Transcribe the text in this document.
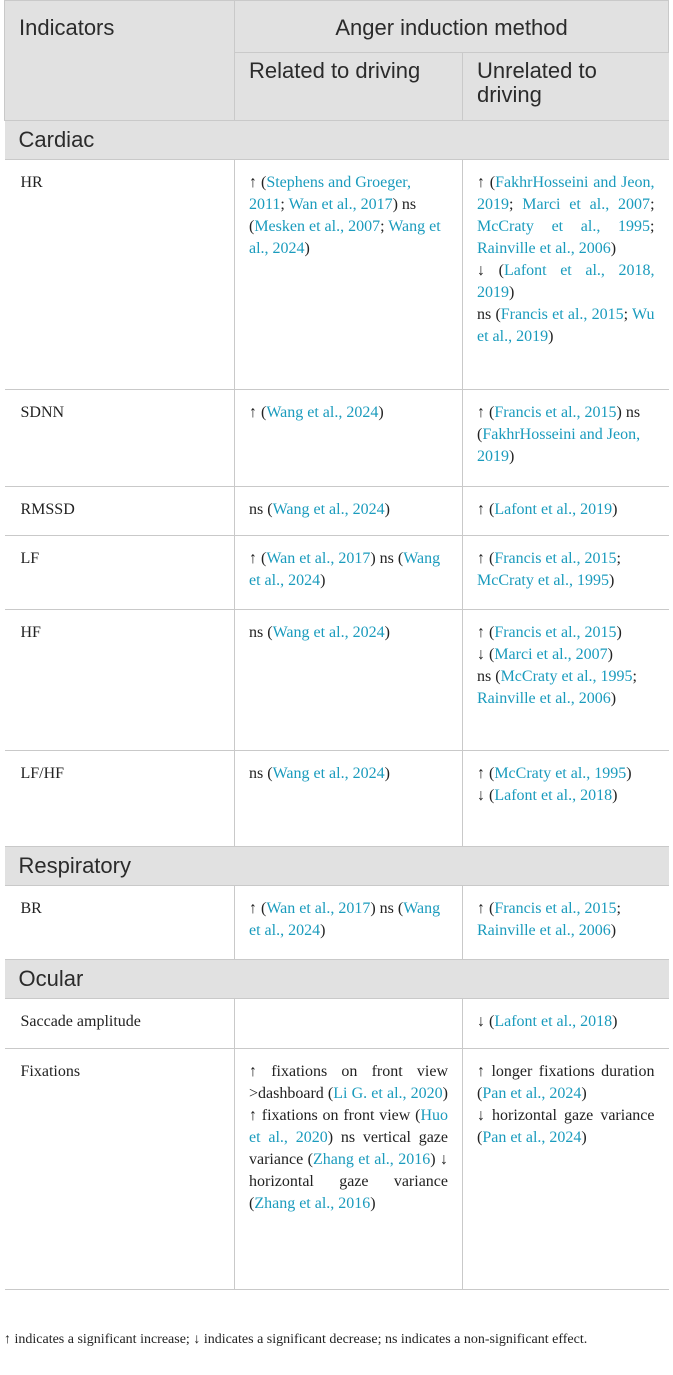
Indicators	Anger induction method	
	Related to driving	Unrelated to driving
Cardiac		
HR	↑ (Stephens and Groeger, 2011; Wan et al., 2017) ns (Mesken et al., 2007; Wang et al., 2024)	↑ (FakhrHosseini and Jeon, 2019; Marci et al., 2007; McCraty et al., 1995; Rainville et al., 2006)
↓ (Lafont et al., 2018, 2019)
ns (Francis et al., 2015; Wu et al., 2019)
SDNN	↑ (Wang et al., 2024)	↑ (Francis et al., 2015) ns (FakhrHosseini and Jeon, 2019)
RMSSD	ns (Wang et al., 2024)	↑ (Lafont et al., 2019)
LF	↑ (Wan et al., 2017) ns (Wang et al., 2024)	↑ (Francis et al., 2015; McCraty et al., 1995)
HF	ns (Wang et al., 2024)	↑ (Francis et al., 2015)
↓ (Marci et al., 2007)
ns (McCraty et al., 1995; Rainville et al., 2006)
LF/HF	ns (Wang et al., 2024)	↑ (McCraty et al., 1995)
↓ (Lafont et al., 2018)
Respiratory		
BR	↑ (Wan et al., 2017) ns (Wang et al., 2024)	↑ (Francis et al., 2015; Rainville et al., 2006)
Ocular		
Saccade amplitude		↓ (Lafont et al., 2018)
Fixations	↑ fixations on front view >dashboard (Li G. et al., 2020) ↑ fixations on front view (Huo et al., 2020) ns vertical gaze variance (Zhang et al., 2016) ↓ horizontal gaze variance (Zhang et al., 2016)	↑ longer fixations duration (Pan et al., 2024)
↓ horizontal gaze variance (Pan et al., 2024)
↑ indicates a significant increase; ↓ indicates a significant decrease; ns indicates a non-significant effect.
